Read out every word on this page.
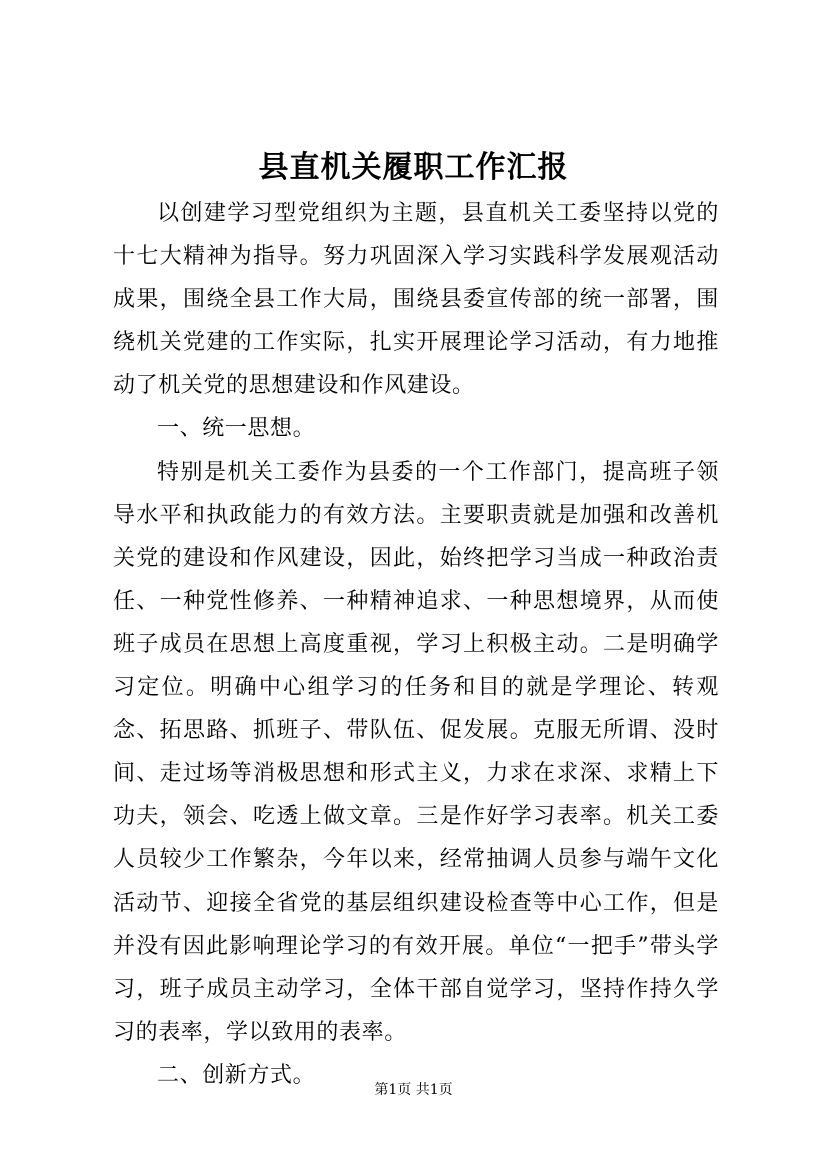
县直机关履职工作汇报

以创建学习型党组织为主题，县直机关工委坚持以党的十七大精神为指导。努力巩固深入学习实践科学发展观活动成果，围绕全县工作大局，围绕县委宣传部的统一部署，围绕机关党建的工作实际，扎实开展理论学习活动，有力地推动了机关党的思想建设和作风建设。

一、统一思想。

特别是机关工委作为县委的一个工作部门，提高班子领导水平和执政能力的有效方法。主要职责就是加强和改善机关党的建设和作风建设，因此，始终把学习当成一种政治责任、一种党性修养、一种精神追求、一种思想境界，从而使班子成员在思想上高度重视，学习上积极主动。二是明确学习定位。明确中心组学习的任务和目的就是学理论、转观念、拓思路、抓班子、带队伍、促发展。克服无所谓、没时间、走过场等消极思想和形式主义，力求在求深、求精上下功夫，领会、吃透上做文章。三是作好学习表率。机关工委人员较少工作繁杂，今年以来，经常抽调人员参与端午文化活动节、迎接全省党的基层组织建设检查等中心工作，但是并没有因此影响理论学习的有效开展。单位“一把手”带头学习，班子成员主动学习，全体干部自觉学习，坚持作持久学习的表率，学以致用的表率。

二、创新方式。

第1页 共1页
